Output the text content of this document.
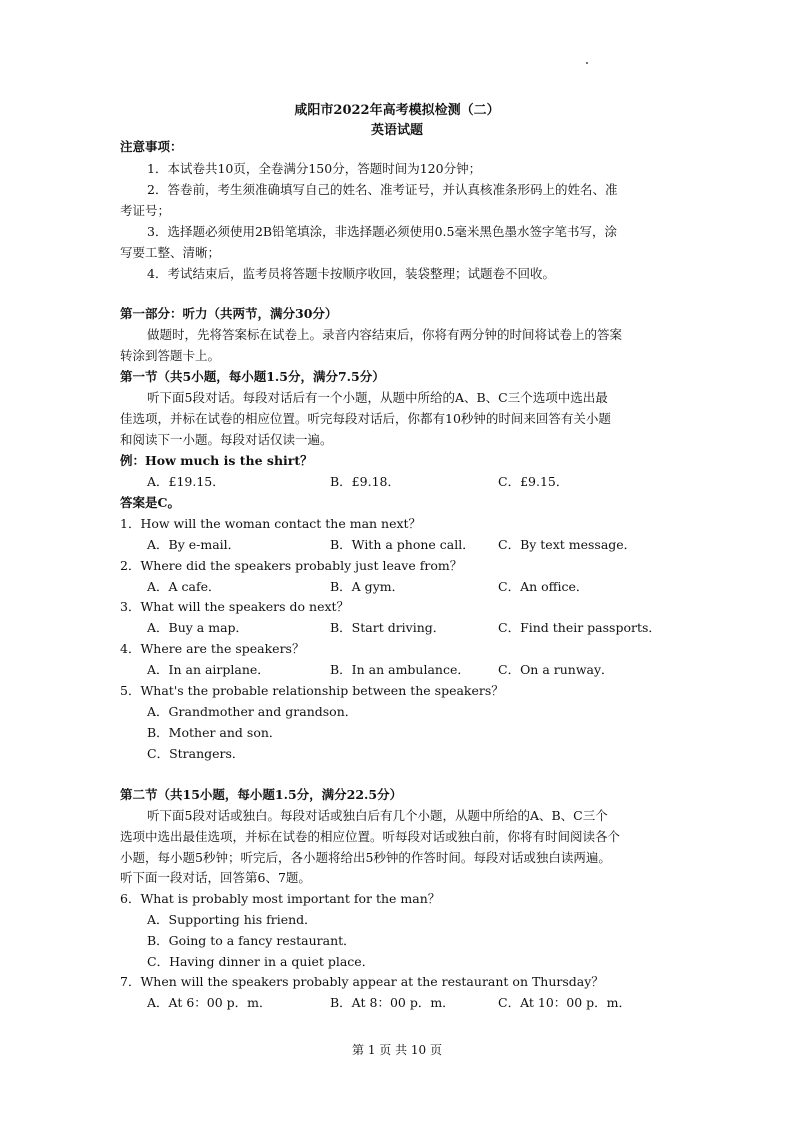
咸阳市2022年高考模拟检测（二）
英语试题
注意事项：
1．本试卷共10页，全卷满分150分，答题时间为120分钟；
2．答卷前，考生须准确填写自己的姓名、准考证号，并认真核准条形码上的姓名、准
考证号；
3．选择题必须使用2B铅笔填涂，非选择题必须使用0.5毫米黑色墨水签字笔书写，涂
写要工整、清晰；
4．考试结束后，监考员将答题卡按顺序收回，装袋整理；试题卷不回收。
第一部分：听力（共两节，满分30分）
做题时，先将答案标在试卷上。录音内容结束后，你将有两分钟的时间将试卷上的答案
转涂到答题卡上。
第一节（共5小题，每小题1.5分，满分7.5分）
听下面5段对话。每段对话后有一个小题，从题中所给的A、B、C三个选项中选出最
佳选项，并标在试卷的相应位置。听完每段对话后，你都有10秒钟的时间来回答有关小题
和阅读下一小题。每段对话仅读一遍。
例：How much is the shirt？
A．£19.15．	B．£9.18．	C．£9.15．
答案是C。
1．How will the woman contact the man next？
A．By e-mail．	B．With a phone call． C．By text message．
2．Where did the speakers probably just leave from？
A．A cafe．	B．A gym．	C．An office．
3．What will the speakers do next？
A．Buy a map．	B．Start driving．	C．Find their passports．
4．Where are the speakers？
A．In an airplane．	B．In an ambulance． C．On a runway．
5．What's the probable relationship between the speakers？
A．Grandmother and grandson．
B．Mother and son．
C．Strangers．
第二节（共15小题，每小题1.5分，满分22.5分）
听下面5段对话或独白。每段对话或独白后有几个小题，从题中所给的A、B、C三个
选项中选出最佳选项，并标在试卷的相应位置。听每段对话或独白前，你将有时间阅读各个
小题，每小题5秒钟；听完后，各小题将给出5秒钟的作答时间。每段对话或独白读两遍。
听下面一段对话，回答第6、7题。
6．What is probably most important for the man？
A．Supporting his friend．
B．Going to a fancy restaurant．
C．Having dinner in a quiet place．
7．When will the speakers probably appear at the restaurant on Thursday？
A．At 6：00 p．m．	B．At 8：00 p．m．	C．At 10：00 p．m．
第 1 页 共 10 页
